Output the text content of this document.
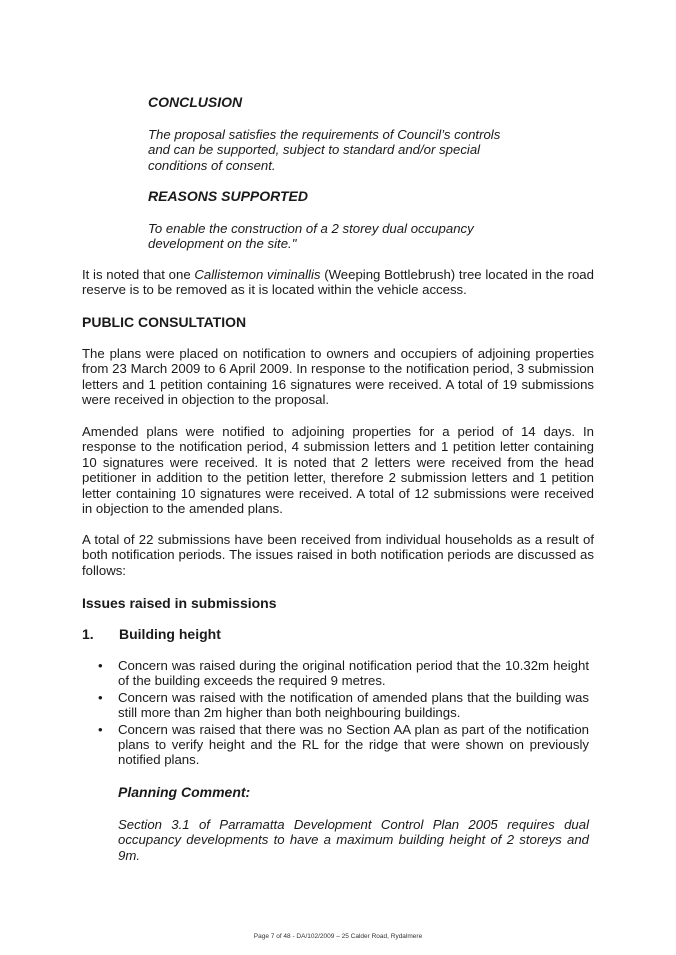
CONCLUSION
The proposal satisfies the requirements of Council’s controls and can be supported, subject to standard and/or special conditions of consent.
REASONS SUPPORTED
To enable the construction of a 2 storey dual occupancy development on the site."
It is noted that one Callistemon viminallis (Weeping Bottlebrush) tree located in the road reserve is to be removed as it is located within the vehicle access.
PUBLIC CONSULTATION
The plans were placed on notification to owners and occupiers of adjoining properties from 23 March 2009 to 6 April 2009. In response to the notification period, 3 submission letters and 1 petition containing 16 signatures were received. A total of 19 submissions were received in objection to the proposal.
Amended plans were notified to adjoining properties for a period of 14 days. In response to the notification period, 4 submission letters and 1 petition letter containing 10 signatures were received. It is noted that 2 letters were received from the head petitioner in addition to the petition letter, therefore 2 submission letters and 1 petition letter containing 10 signatures were received. A total of 12 submissions were received in objection to the amended plans.
A total of 22 submissions have been received from individual households as a result of both notification periods. The issues raised in both notification periods are discussed as follows:
Issues raised in submissions
1. Building height
• Concern was raised during the original notification period that the 10.32m height of the building exceeds the required 9 metres.
• Concern was raised with the notification of amended plans that the building was still more than 2m higher than both neighbouring buildings.
• Concern was raised that there was no Section AA plan as part of the notification plans to verify height and the RL for the ridge that were shown on previously notified plans.
Planning Comment:
Section 3.1 of Parramatta Development Control Plan 2005 requires dual occupancy developments to have a maximum building height of 2 storeys and 9m.
Page 7 of 48 - DA/102/2009 – 25 Calder Road, Rydalmere
